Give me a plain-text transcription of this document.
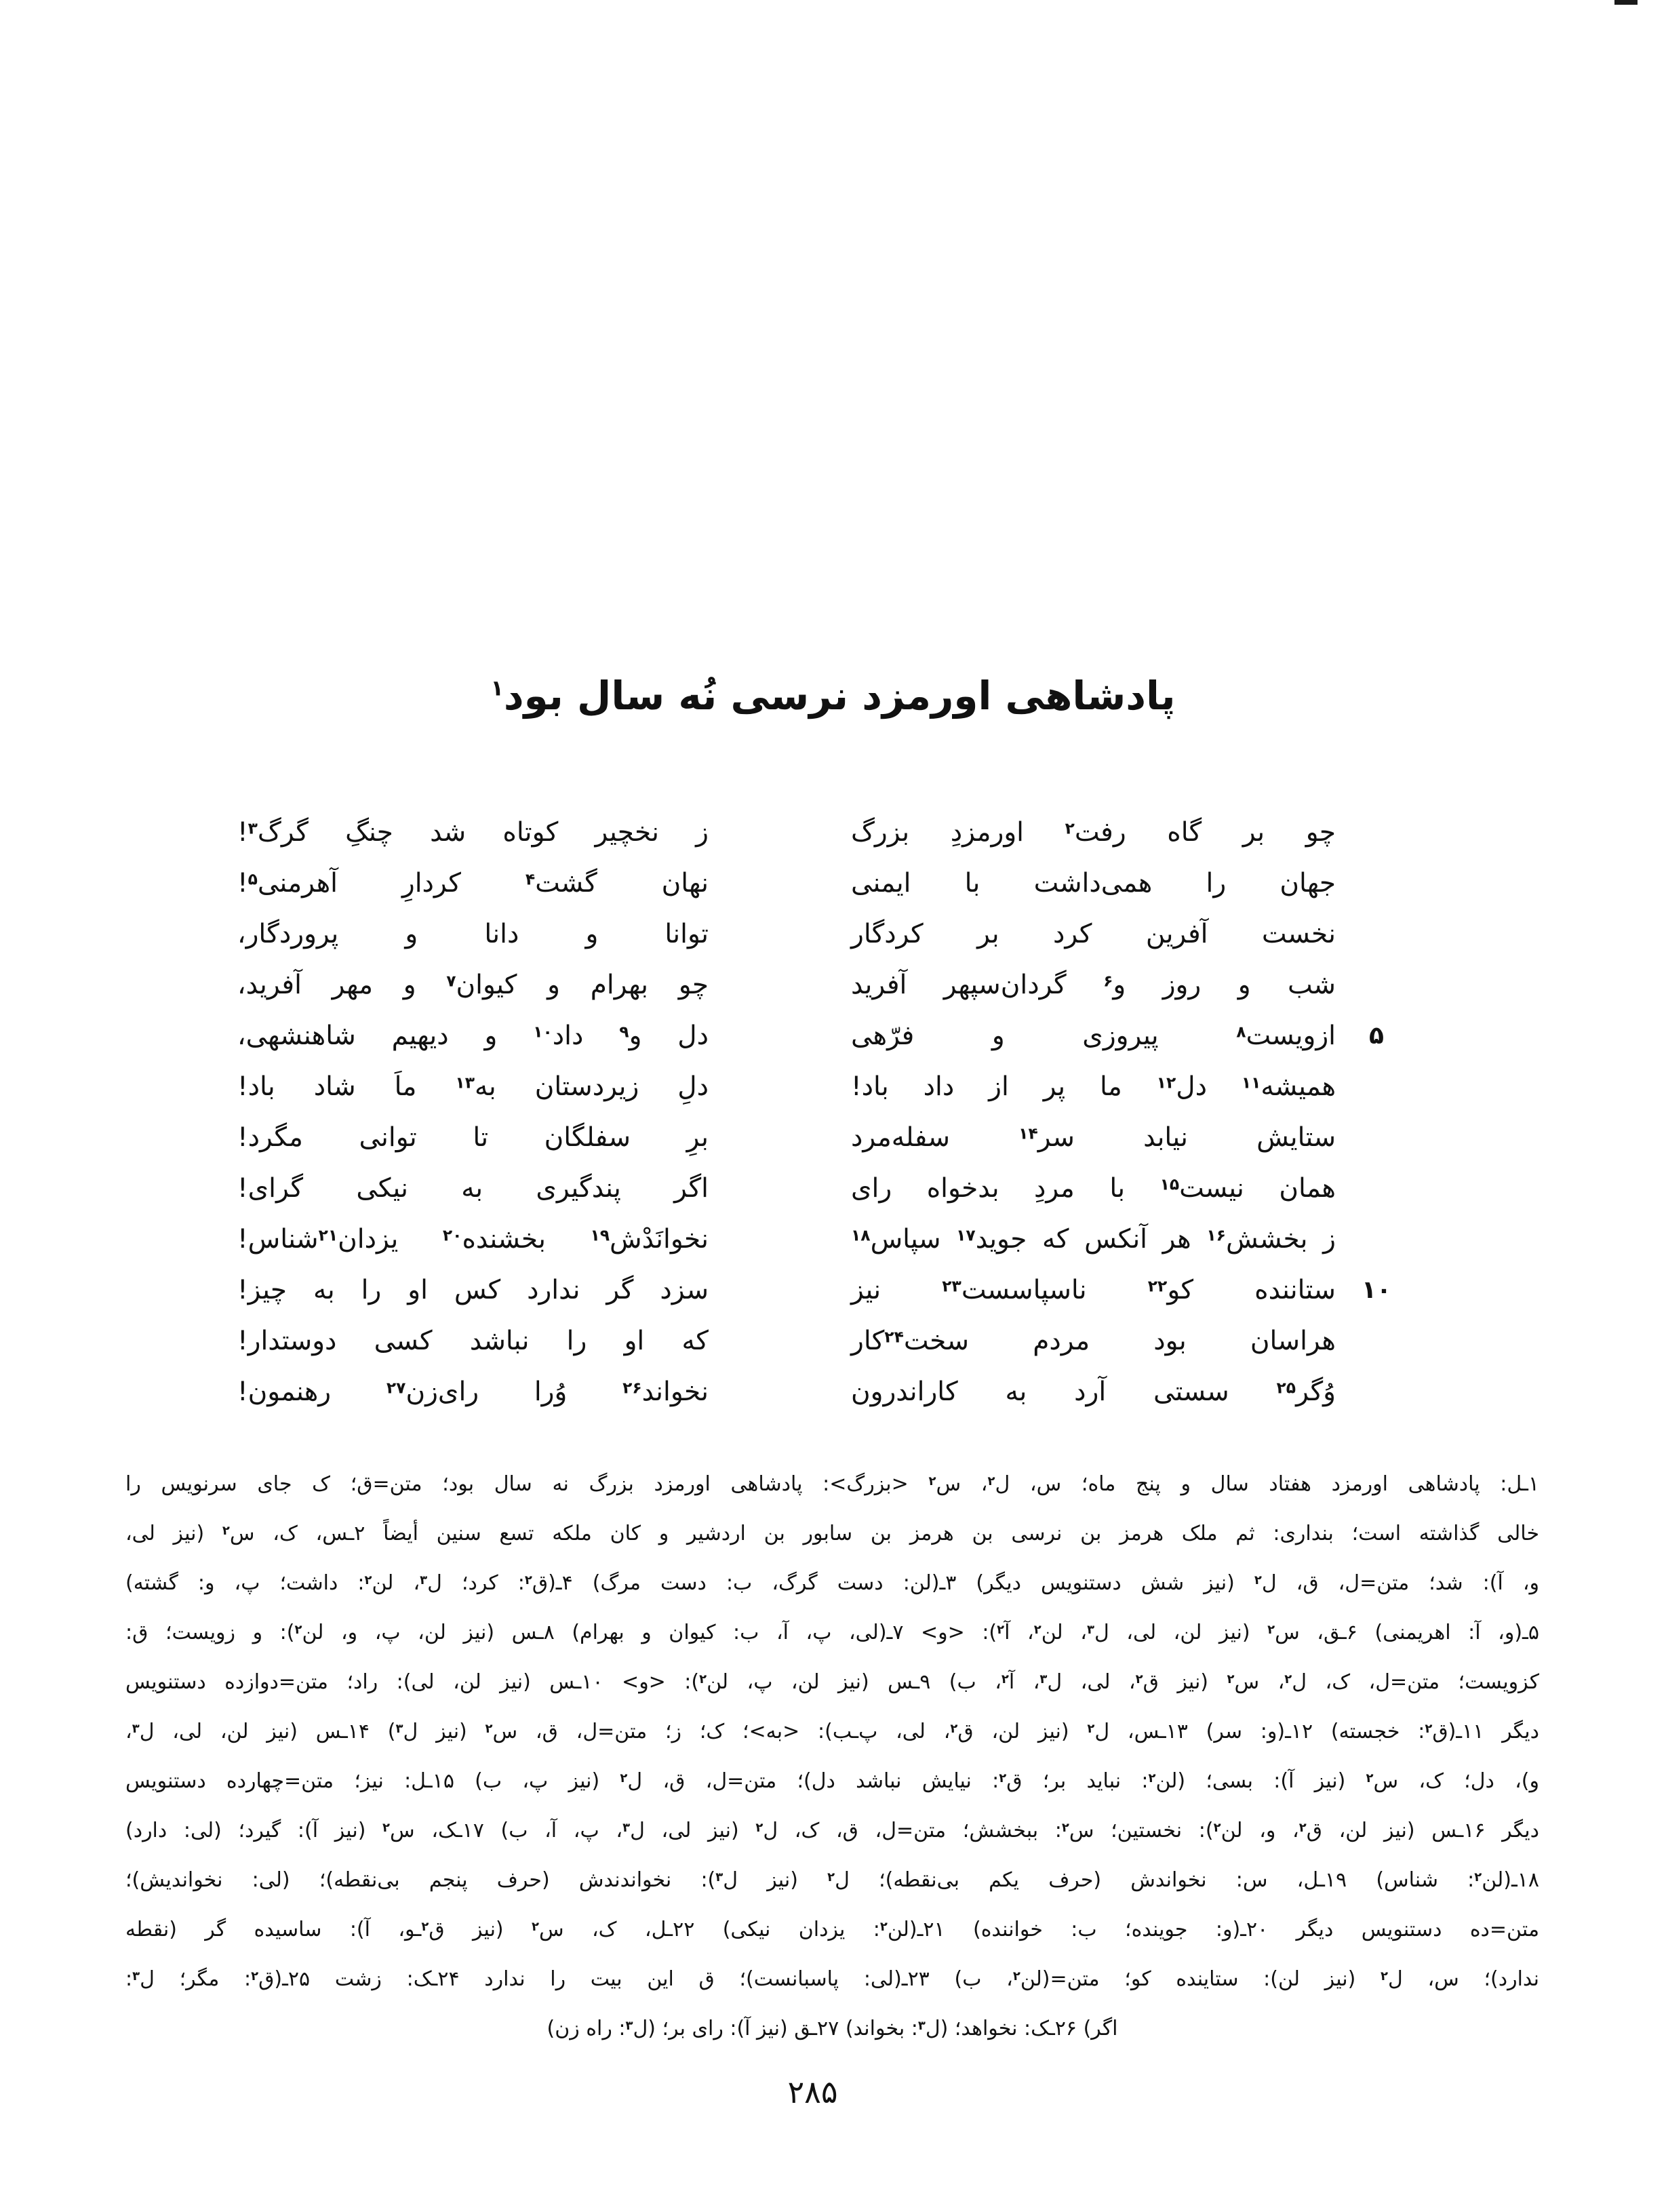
پادشاهی اورمزد نرسی نُه سال بود$^۱$
چو بر گاه رفت$^۲$ اورمزدِ بزرگ
ز نخچیر کوتاه شد چنگِ گرگ$^۳$!
جهان را همی‌داشت با ایمنی
نهان گشت$^۴$ کردارِ آهرمنی$^۵$!
نخست آفرین کرد بر کردگار
توانا و دانا و پروردگار،
شب و روز و$^۶$ گردان‌سپهر آفرید
چو بهرام و کیوان$^۷$ و مهر آفرید،
۵
ازویست$^۸$ پیروزی و فرّهی
دل و$^۹$ داد$^{۱۰}$ و دیهیم شاهنشهی،
همیشه$^{۱۱}$ دل$^{۱۲}$ ما پر از داد باد!
دلِ زیردستان به$^{۱۳}$ ماَ شاد باد!
ستایش نیابد سر$^{۱۴}$ سفله‌مرد
برِ سفلگان تا توانی مگرد!
همان نیست$^{۱۵}$ با مردِ بدخواه رای
اگر پندگیری به نیکی گرای!
ز بخشش$^{۱۶}$ هر آنکس که جوید$^{۱۷}$ سپاس$^{۱۸}$
نخوانَدْش$^{۱۹}$ بخشنده$^{۲۰}$ یزدان$^{۲۱}$شناس!
۱۰
ستاننده کو$^{۲۲}$ ناسپاسست$^{۲۳}$ نیز
سزد گر ندارد کس او را به چیز!
هراسان بود مردم سخت$^{۲۴}$کار
که او را نباشد کسی دوستدار!
وُگر$^{۲۵}$ سستی آرد به کاراندرون
نخواند$^{۲۶}$ وُرا رای‌زن$^{۲۷}$ رهنمون!

۱ـل: پادشاهی اورمزد هفتاد سال و پنج ماه؛ س، ل$^۲$، س$^۲$ <بزرگ>: پادشاهی اورمزد بزرگ نه سال بود؛ متن=ق؛ ک جای سرنویس را

خالی گذاشته است؛ بنداری: ثم ملک هرمز بن نرسی بن هرمز بن سابور بن اردشیر و کان ملکه تسع سنین أیضاً ۲ـس، ک، س$^۲$ (نیز لی،

و، آ): شد؛ متن=ل، ق، ل$^۲$ (نیز شش دستنویس دیگر) ۳ـ(لن: دست گرگ، ب: دست مرگ) ۴ـ(ق$^۲$: کرد؛ ل$^۳$، لن$^۲$: داشت؛ پ، و: گشته)

۵ـ(و، آ: اهریمنی) ۶ـق، س$^۲$ (نیز لن، لی، ل$^۳$، لن$^۲$، آ$^۲$): <و> ۷ـ(لی، پ، آ، ب: کیوان و بهرام) ۸ـس (نیز لن، پ، و، لن$^۲$): و زویست؛ ق:

کزویست؛ متن=ل، ک، ل$^۲$، س$^۲$ (نیز ق$^۲$، لی، ل$^۳$، آ$^۲$، ب) ۹ـس (نیز لن، پ، لن$^۲$): <و> ۱۰ـس (نیز لن، لی): راد؛ متن=دوازده دستنویس

دیگر ۱۱ـ(ق$^۲$: خجسته) ۱۲ـ(و: سر) ۱۳ـس، ل$^۲$ (نیز لن، ق$^۲$، لی، پ‌ـب): <به>؛ ک؛ ز؛ متن=ل، ق، س$^۲$ (نیز ل$^۳$) ۱۴ـس (نیز لن، لی، ل$^۳$،

و)، دل؛ ک، س$^۲$ (نیز آ): بسی؛ (لن$^۲$: نباید بر؛ ق$^۲$: نیایش نباشد دل)؛ متن=ل، ق، ل$^۲$ (نیز پ، ب) ۱۵ـل: نیز؛ متن=چهارده دستنویس

دیگر ۱۶ـس (نیز لن، ق$^۲$، و، لن$^۲$): نخستین؛ س$^۲$: ببخشش؛ متن=ل، ق، ک، ل$^۲$ (نیز لی، ل$^۳$، پ، آ، ب) ۱۷ـک، س$^۲$ (نیز آ): گیرد؛ (لی: دارد)

۱۸ـ(لن$^۲$: شناس) ۱۹ـل، س: نخواندش (حرف یکم بی‌نقطه)؛ ل$^۲$ (نیز ل$^۳$): نخواندندش (حرف پنجم بی‌نقطه)؛ (لی: نخواندیش)؛

متن=ده دستنویس دیگر ۲۰ـ(و: جوینده؛ ب: خواننده) ۲۱ـ(لن$^۲$: یزدان نیکی) ۲۲ـل، ک، س$^۲$ (نیز ق$^۲$ـو، آ): ساسیده گر (نقطه

ندارد)؛ س، ل$^۲$ (نیز لن): ستاینده کو؛ متن=(لن$^۲$، ب) ۲۳ـ(لی: پاسبانست)؛ ق این بیت را ندارد ۲۴ـک: زشت ۲۵ـ(ق$^۲$: مگر؛ ل$^۳$:

اگر) ۲۶ـک: نخواهد؛ (ل$^۳$: بخواند) ۲۷ـق (نیز آ): رای بر؛ (ل$^۳$: راه زن)

۲۸۵
